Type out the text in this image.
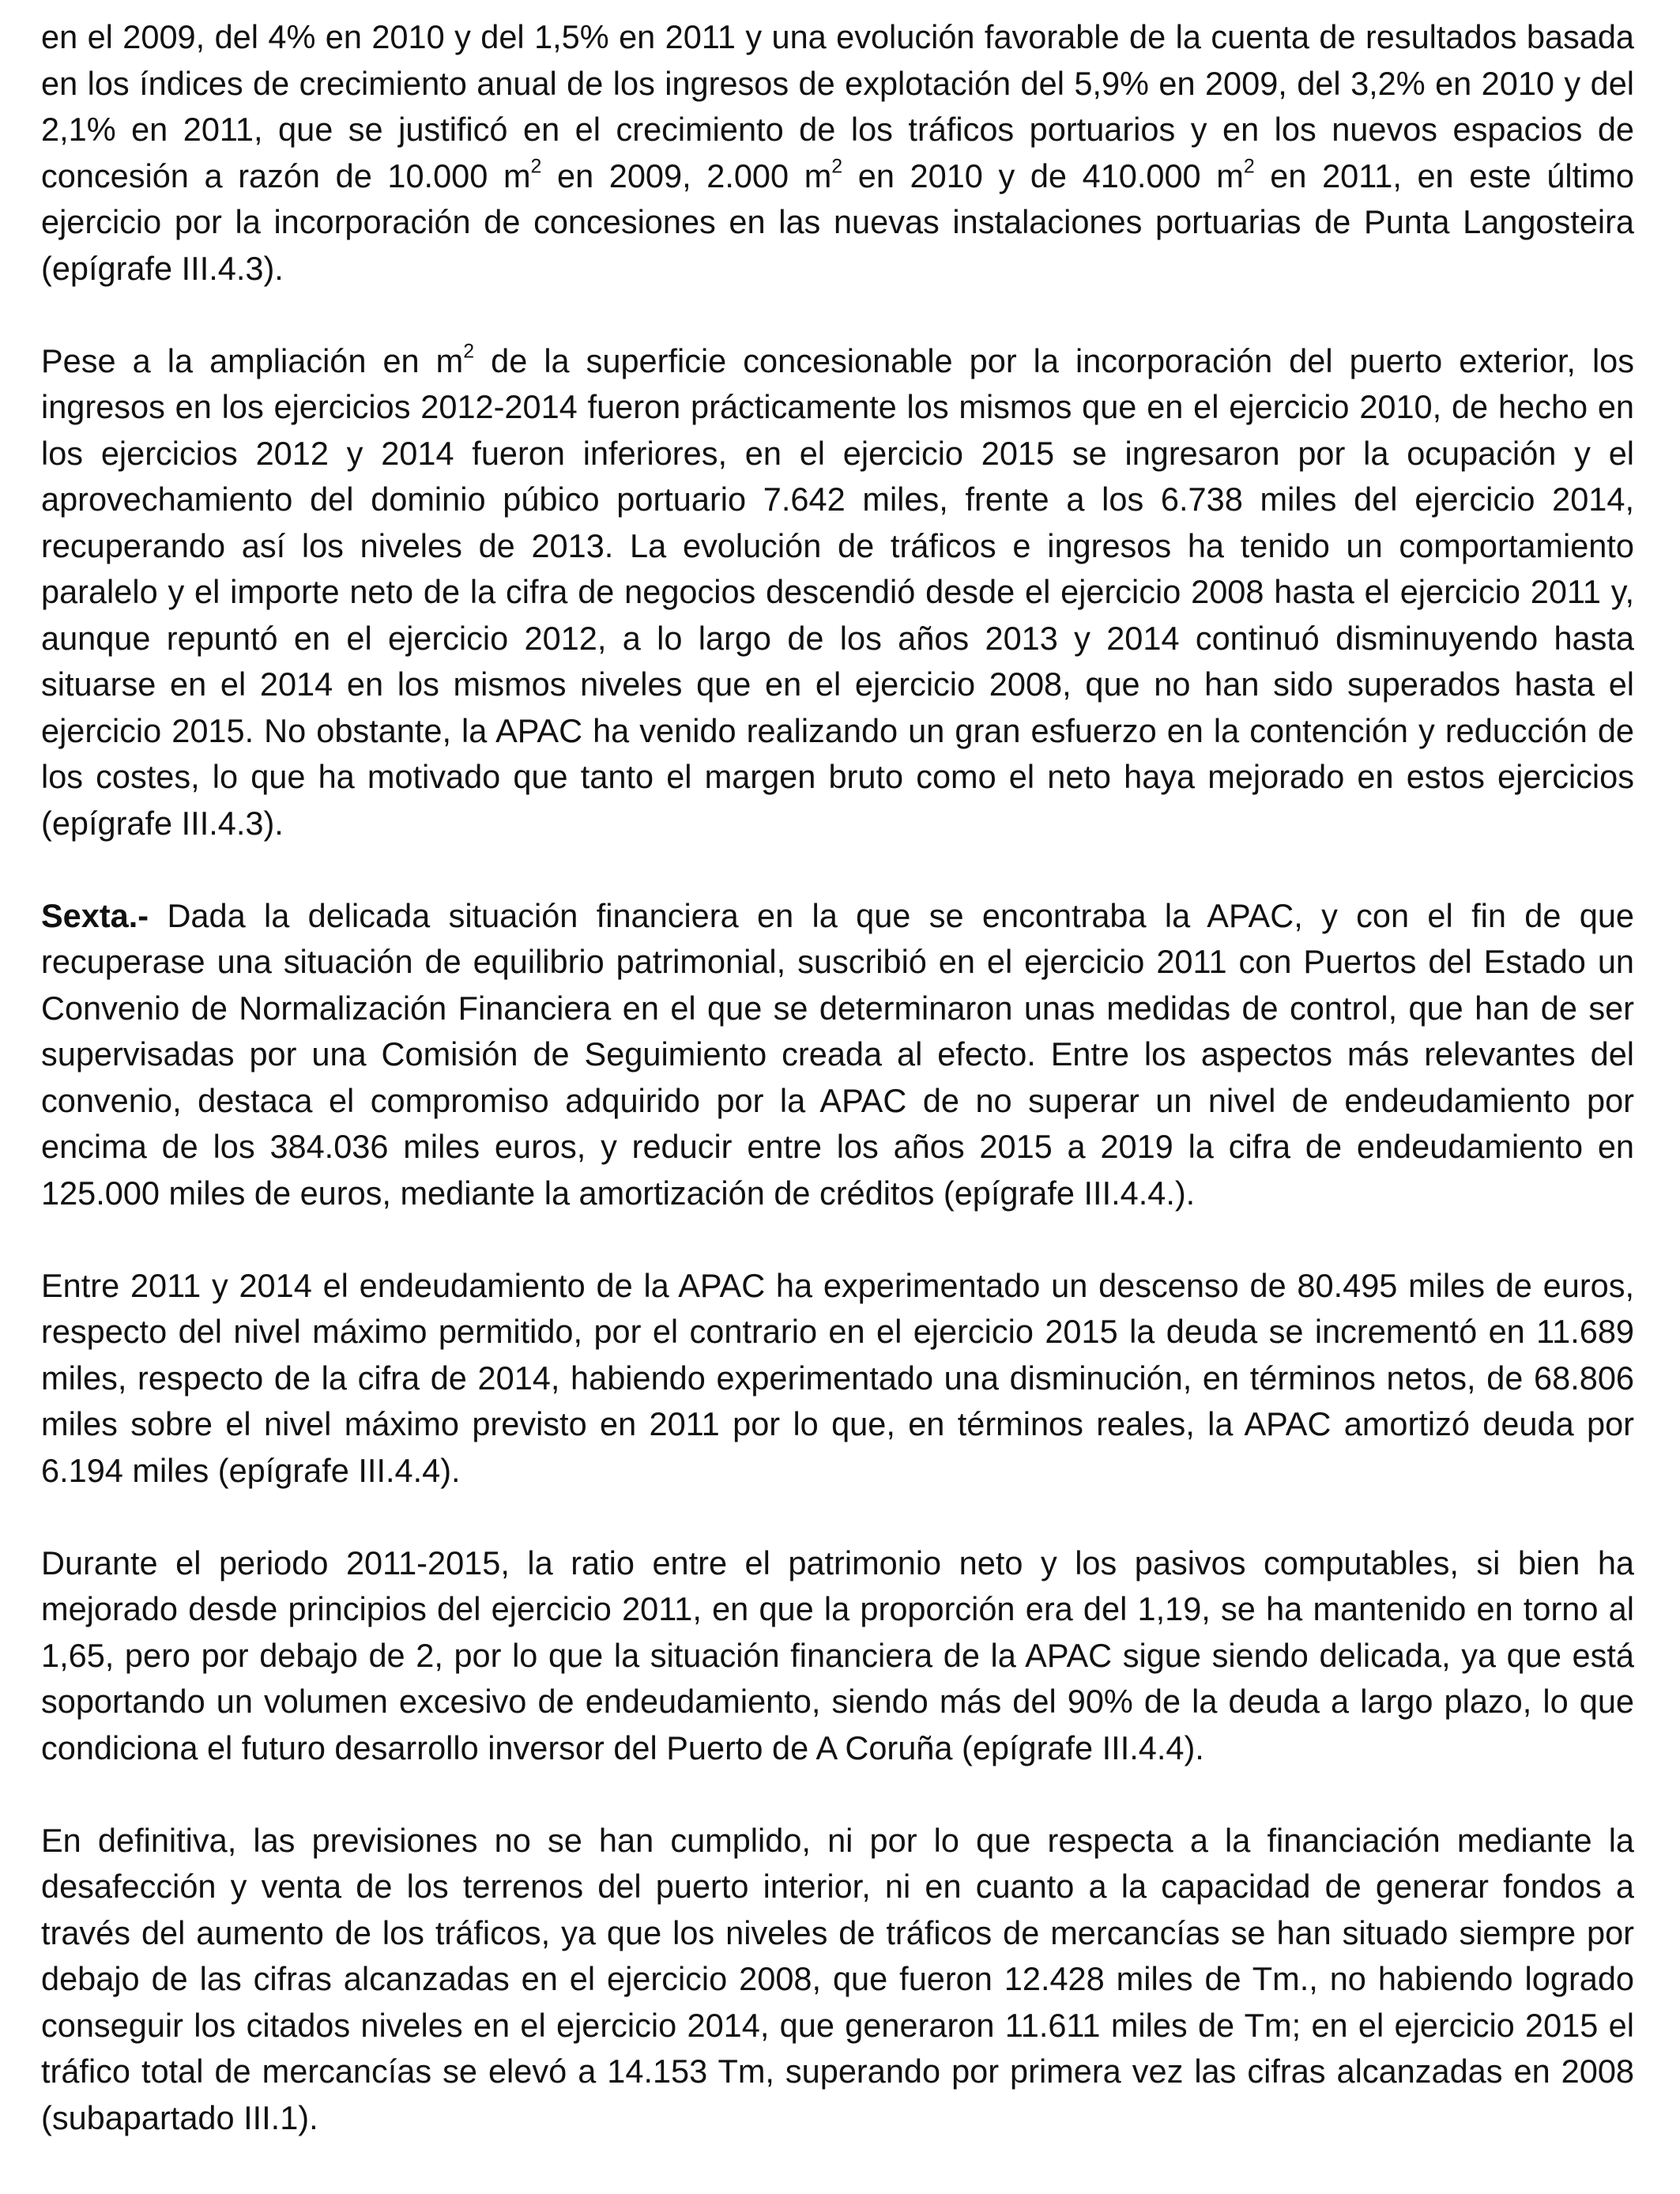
en el 2009, del 4% en 2010 y del 1,5% en 2011 y una evolución favorable de la cuenta de resultados basada en los índices de crecimiento anual de los ingresos de explotación del 5,9% en 2009, del 3,2% en 2010 y del 2,1% en 2011, que se justificó en el crecimiento de los tráficos portuarios y en los nuevos espacios de concesión a razón de 10.000 $m^2$ en 2009, 2.000 $m^2$ en 2010 y de 410.000 $m^2$ en 2011, en este último ejercicio por la incorporación de concesiones en las nuevas instalaciones portuarias de Punta Langosteira (epígrafe III.4.3).

Pese a la ampliación en $m^2$ de la superficie concesionable por la incorporación del puerto exterior, los ingresos en los ejercicios 2012-2014 fueron prácticamente los mismos que en el ejercicio 2010, de hecho en los ejercicios 2012 y 2014 fueron inferiores, en el ejercicio 2015 se ingresaron por la ocupación y el aprovechamiento del dominio púbico portuario 7.642 miles, frente a los 6.738 miles del ejercicio 2014, recuperando así los niveles de 2013. La evolución de tráficos e ingresos ha tenido un comportamiento paralelo y el importe neto de la cifra de negocios descendió desde el ejercicio 2008 hasta el ejercicio 2011 y, aunque repuntó en el ejercicio 2012, a lo largo de los años 2013 y 2014 continuó disminuyendo hasta situarse en el 2014 en los mismos niveles que en el ejercicio 2008, que no han sido superados hasta el ejercicio 2015. No obstante, la APAC ha venido realizando un gran esfuerzo en la contención y reducción de los costes, lo que ha motivado que tanto el margen bruto como el neto haya mejorado en estos ejercicios (epígrafe III.4.3).

Sexta.- Dada la delicada situación financiera en la que se encontraba la APAC, y con el fin de que recuperase una situación de equilibrio patrimonial, suscribió en el ejercicio 2011 con Puertos del Estado un Convenio de Normalización Financiera en el que se determinaron unas medidas de control, que han de ser supervisadas por una Comisión de Seguimiento creada al efecto. Entre los aspectos más relevantes del convenio, destaca el compromiso adquirido por la APAC de no superar un nivel de endeudamiento por encima de los 384.036 miles euros, y reducir entre los años 2015 a 2019 la cifra de endeudamiento en 125.000 miles de euros, mediante la amortización de créditos (epígrafe III.4.4.).

Entre 2011 y 2014 el endeudamiento de la APAC ha experimentado un descenso de 80.495 miles de euros, respecto del nivel máximo permitido, por el contrario en el ejercicio 2015 la deuda se incrementó en 11.689 miles, respecto de la cifra de 2014, habiendo experimentado una disminución, en términos netos, de 68.806 miles sobre el nivel máximo previsto en 2011 por lo que, en términos reales, la APAC amortizó deuda por 6.194 miles (epígrafe III.4.4).

Durante el periodo 2011-2015, la ratio entre el patrimonio neto y los pasivos computables, si bien ha mejorado desde principios del ejercicio 2011, en que la proporción era del 1,19, se ha mantenido en torno al 1,65, pero por debajo de 2, por lo que la situación financiera de la APAC sigue siendo delicada, ya que está soportando un volumen excesivo de endeudamiento, siendo más del 90% de la deuda a largo plazo, lo que condiciona el futuro desarrollo inversor del Puerto de A Coruña (epígrafe III.4.4).

En definitiva, las previsiones no se han cumplido, ni por lo que respecta a la financiación mediante la desafección y venta de los terrenos del puerto interior, ni en cuanto a la capacidad de generar fondos a través del aumento de los tráficos, ya que los niveles de tráficos de mercancías se han situado siempre por debajo de las cifras alcanzadas en el ejercicio 2008, que fueron 12.428 miles de Tm., no habiendo logrado conseguir los citados niveles en el ejercicio 2014, que generaron 11.611 miles de Tm; en el ejercicio 2015 el tráfico total de mercancías se elevó a 14.153 Tm, superando por primera vez las cifras alcanzadas en 2008 (subapartado III.1).
